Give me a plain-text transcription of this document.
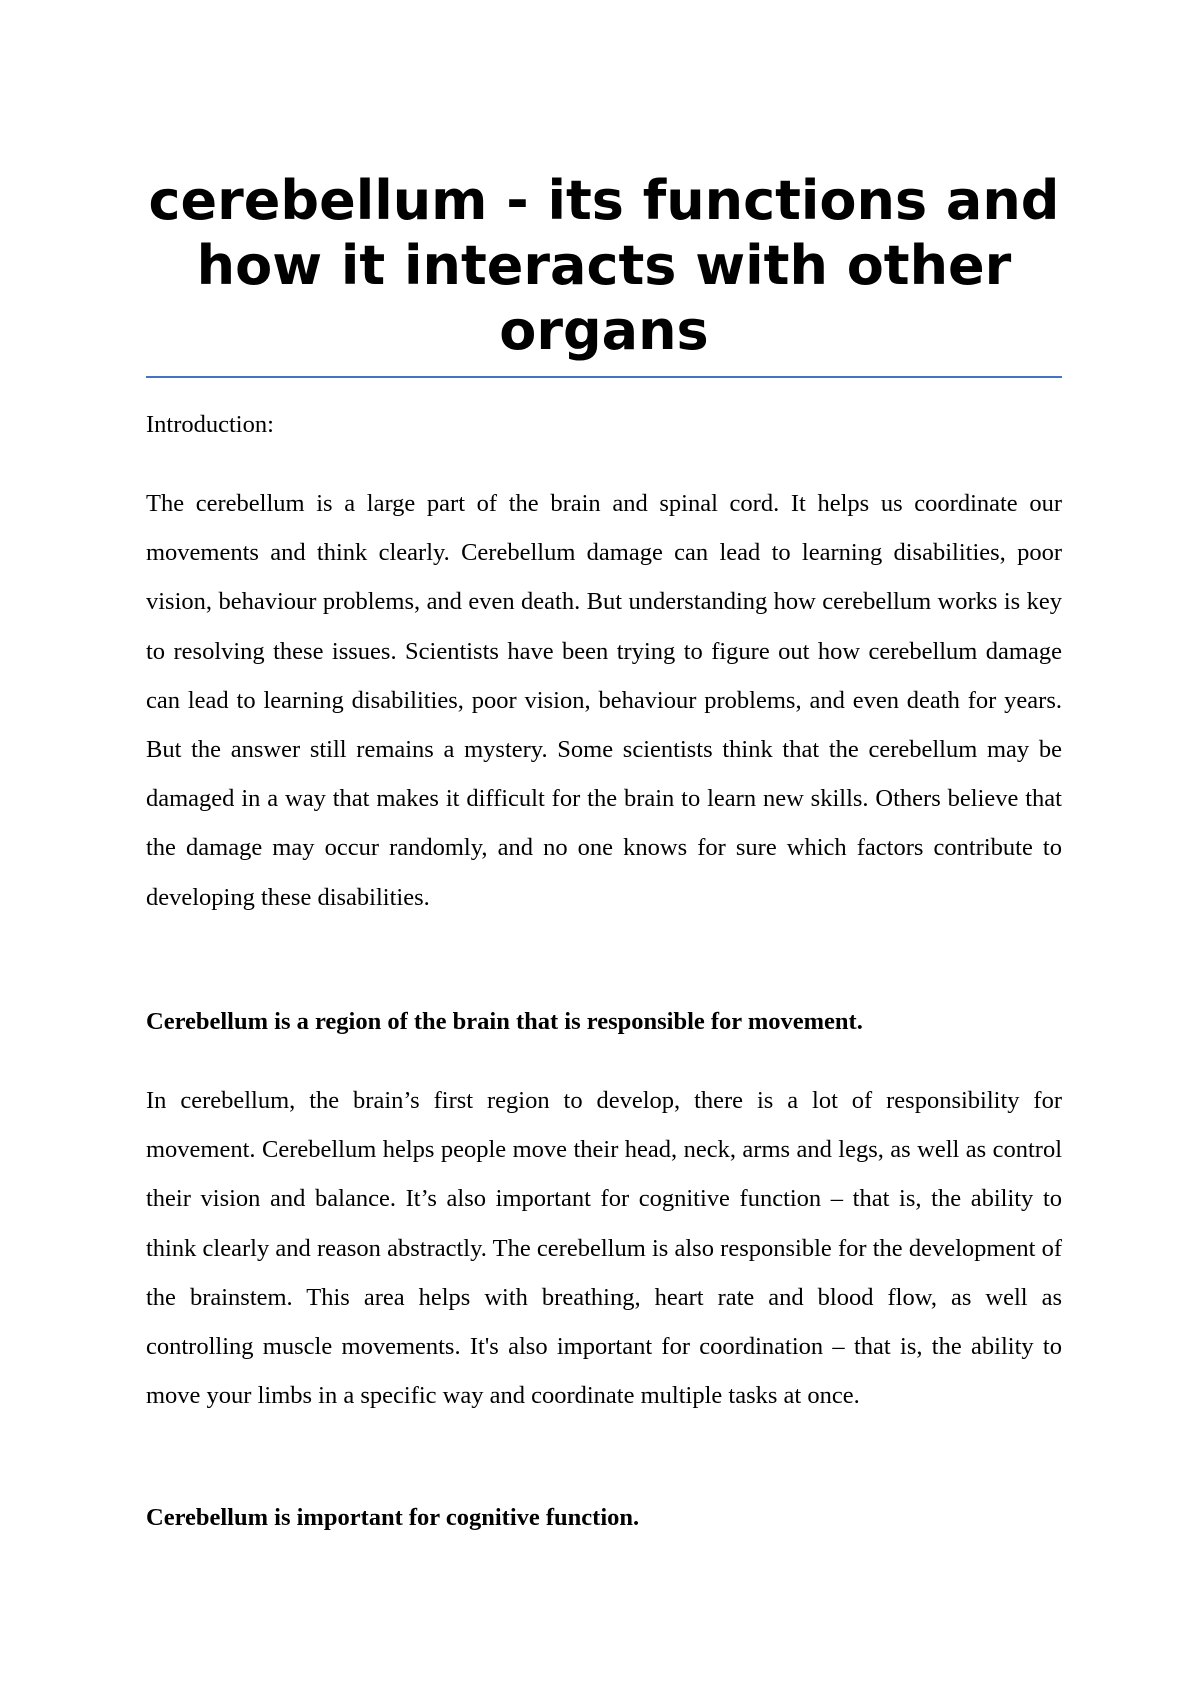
cerebellum - its functions and how it interacts with other organs

Introduction:

The cerebellum is a large part of the brain and spinal cord. It helps us coordinate our movements and think clearly. Cerebellum damage can lead to learning disabilities, poor vision, behaviour problems, and even death. But understanding how cerebellum works is key to resolving these issues. Scientists have been trying to figure out how cerebellum damage can lead to learning disabilities, poor vision, behaviour problems, and even death for years. But the answer still remains a mystery. Some scientists think that the cerebellum may be damaged in a way that makes it difficult for the brain to learn new skills. Others believe that the damage may occur randomly, and no one knows for sure which factors contribute to developing these disabilities.

Cerebellum is a region of the brain that is responsible for movement.

In cerebellum, the brain’s first region to develop, there is a lot of responsibility for movement. Cerebellum helps people move their head, neck, arms and legs, as well as control their vision and balance. It’s also important for cognitive function – that is, the ability to think clearly and reason abstractly. The cerebellum is also responsible for the development of the brainstem. This area helps with breathing, heart rate and blood flow, as well as controlling muscle movements. It's also important for coordination – that is, the ability to move your limbs in a specific way and coordinate multiple tasks at once.

Cerebellum is important for cognitive function.
